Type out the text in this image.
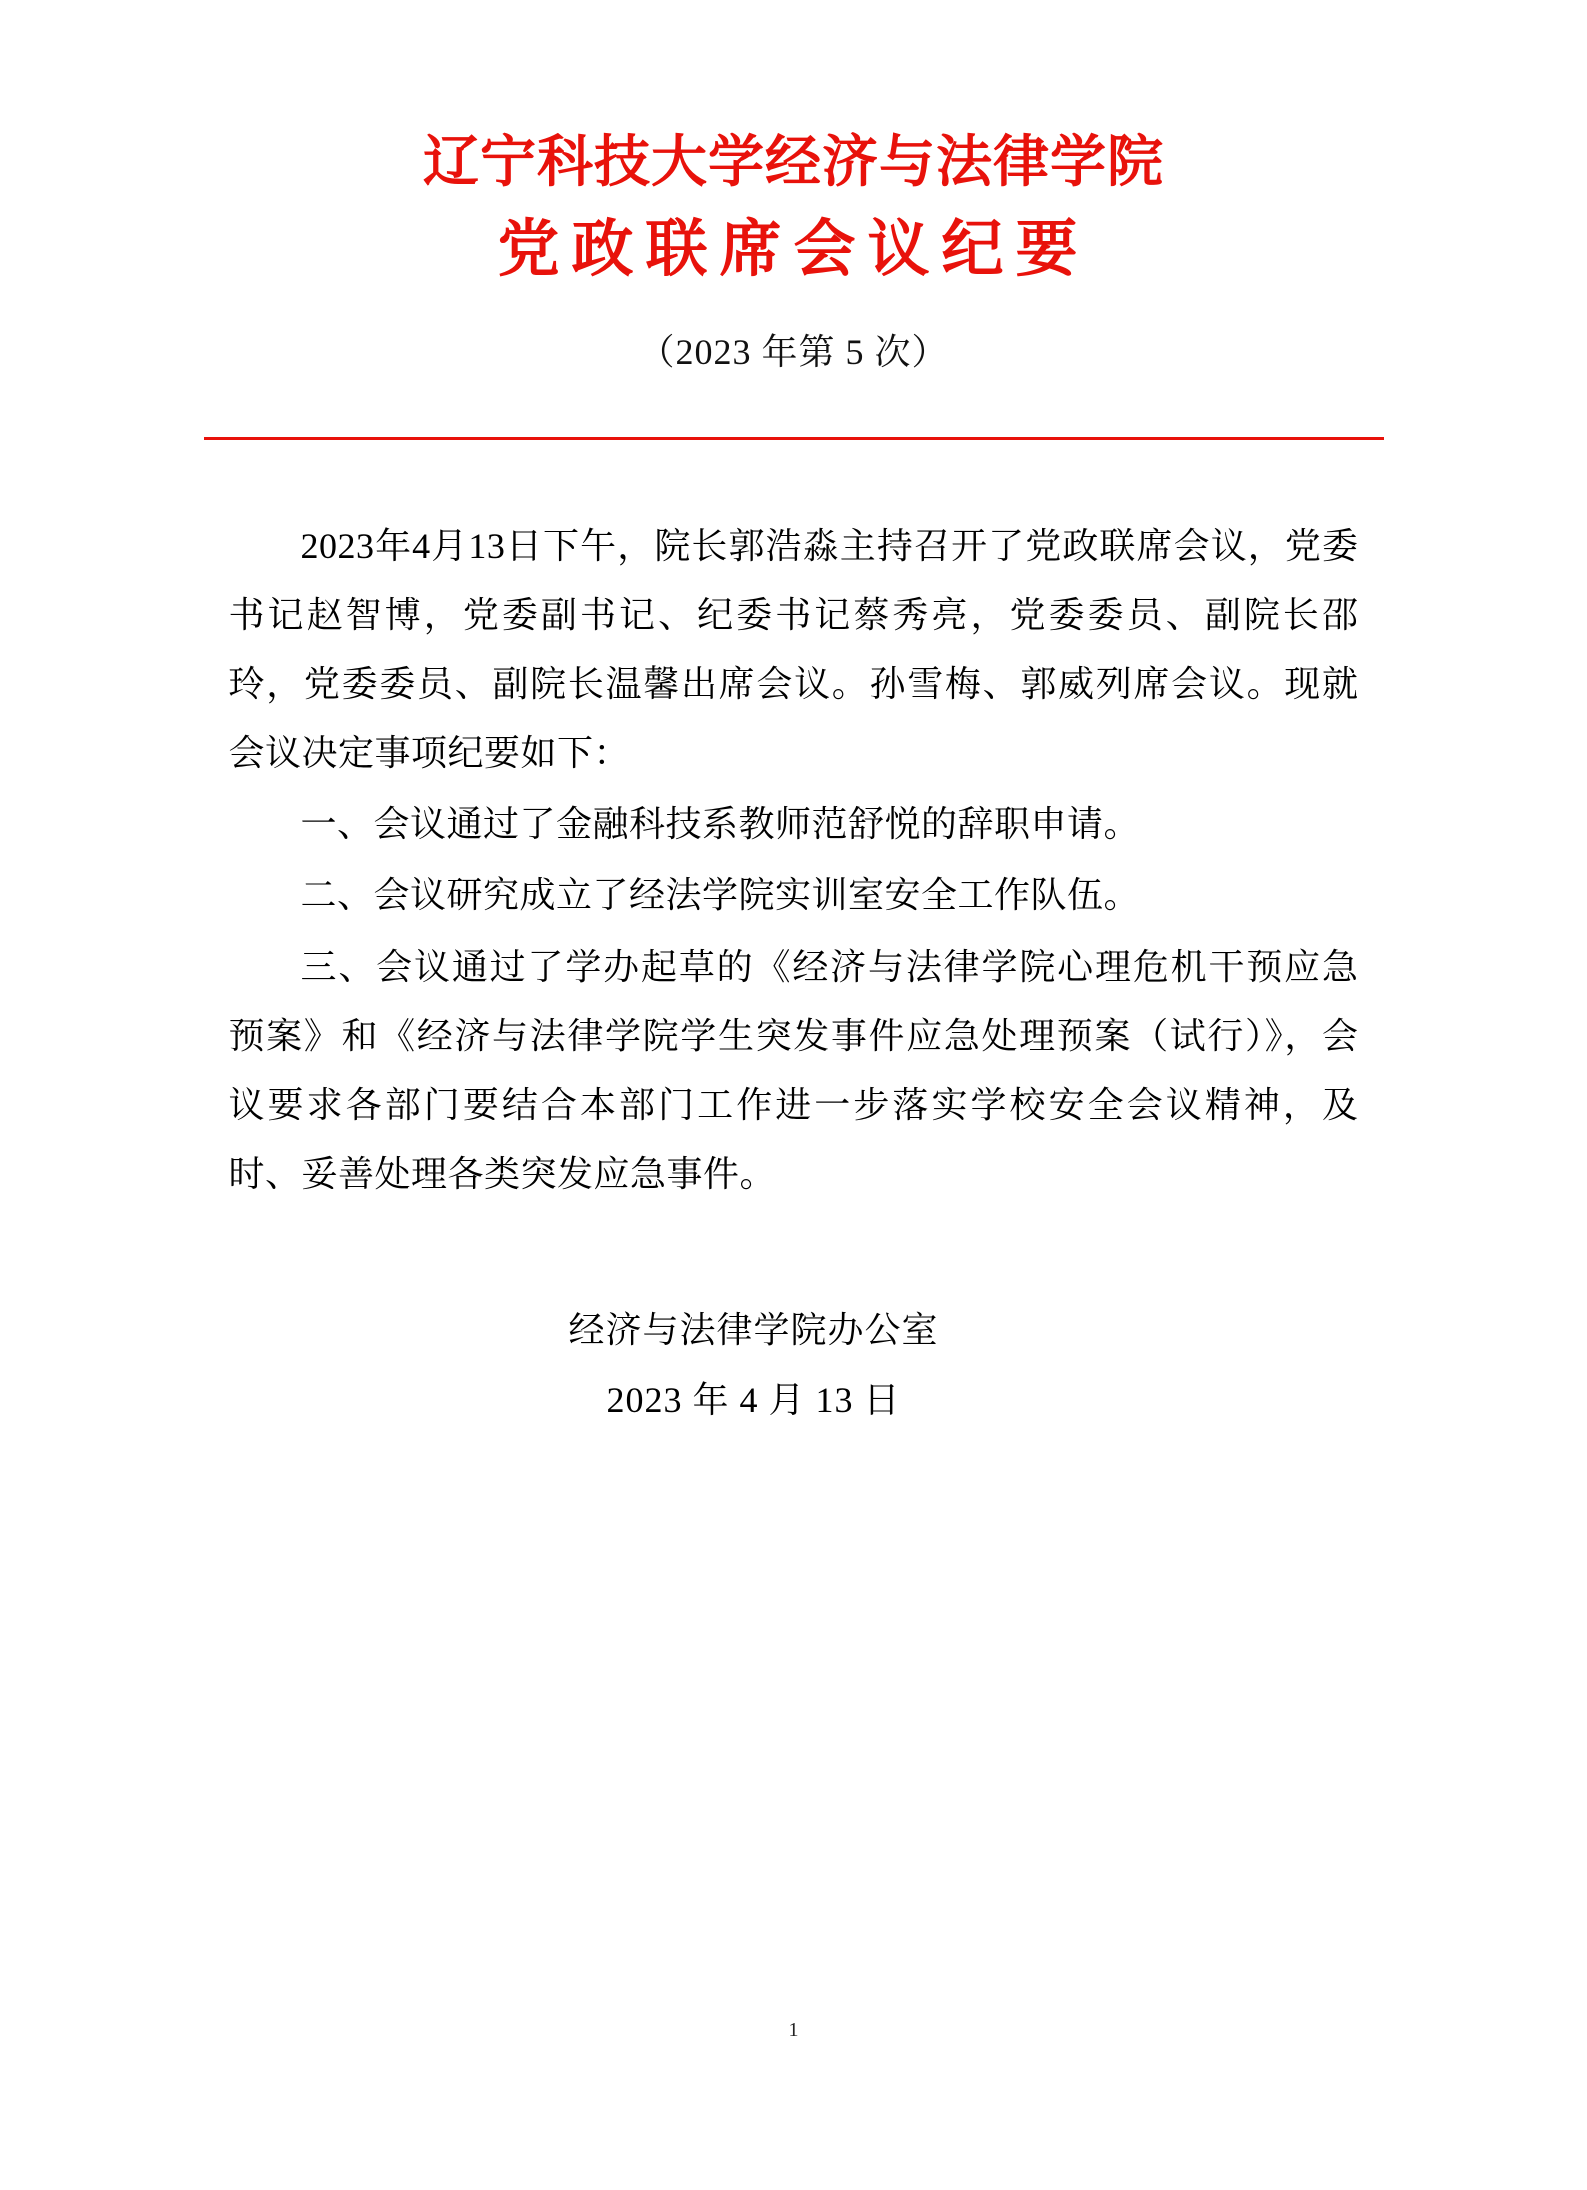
辽宁科技大学经济与法律学院
党政联席会议纪要
（2023 年第 5 次）

2023年4月13日下午，院长郭浩淼主持召开了党政联席会议，党委书记赵智博，党委副书记、纪委书记蔡秀亮，党委委员、副院长邵玲，党委委员、副院长温馨出席会议。孙雪梅、郭威列席会议。现就会议决定事项纪要如下：

一、会议通过了金融科技系教师范舒悦的辞职申请。

二、会议研究成立了经法学院实训室安全工作队伍。

三、会议通过了学办起草的《经济与法律学院心理危机干预应急预案》和《经济与法律学院学生突发事件应急处理预案（试行）》，会议要求各部门要结合本部门工作进一步落实学校安全会议精神，及时、妥善处理各类突发应急事件。

经济与法律学院办公室
2023 年 4 月 13 日
1
